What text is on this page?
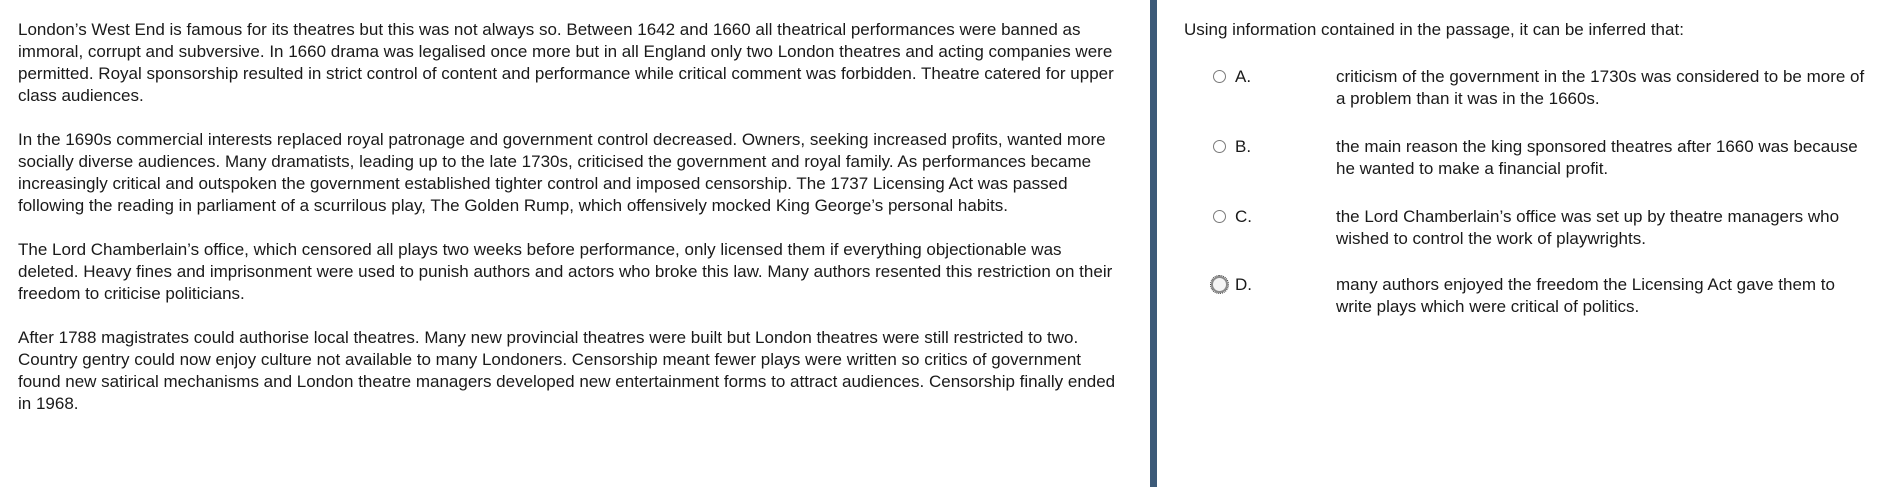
London’s West End is famous for its theatres but this was not always so. Between 1642 and 1660 all theatrical performances were banned as immoral, corrupt and subversive. In 1660 drama was legalised once more but in all England only two London theatres and acting companies were permitted. Royal sponsorship resulted in strict control of content and performance while critical comment was forbidden. Theatre catered for upper class audiences.

In the 1690s commercial interests replaced royal patronage and government control decreased. Owners, seeking increased profits, wanted more socially diverse audiences. Many dramatists, leading up to the late 1730s, criticised the government and royal family. As performances became increasingly critical and outspoken the government established tighter control and imposed censorship. The 1737 Licensing Act was passed following the reading in parliament of a scurrilous play, The Golden Rump, which offensively mocked King George’s personal habits.

The Lord Chamberlain’s office, which censored all plays two weeks before performance, only licensed them if everything objectionable was deleted. Heavy fines and imprisonment were used to punish authors and actors who broke this law. Many authors resented this restriction on their freedom to criticise politicians.

After 1788 magistrates could authorise local theatres. Many new provincial theatres were built but London theatres were still restricted to two. Country gentry could now enjoy culture not available to many Londoners. Censorship meant fewer plays were written so critics of government found new satirical mechanisms and London theatre managers developed new entertainment forms to attract audiences. Censorship finally ended in 1968.

Using information contained in the passage, it can be inferred that:

A.	criticism of the government in the 1730s was considered to be more of a problem than it was in the 1660s.
B.	the main reason the king sponsored theatres after 1660 was because he wanted to make a financial profit.
C.	the Lord Chamberlain’s office was set up by theatre managers who wished to control the work of playwrights.
D.	many authors enjoyed the freedom the Licensing Act gave them to write plays which were critical of politics.
